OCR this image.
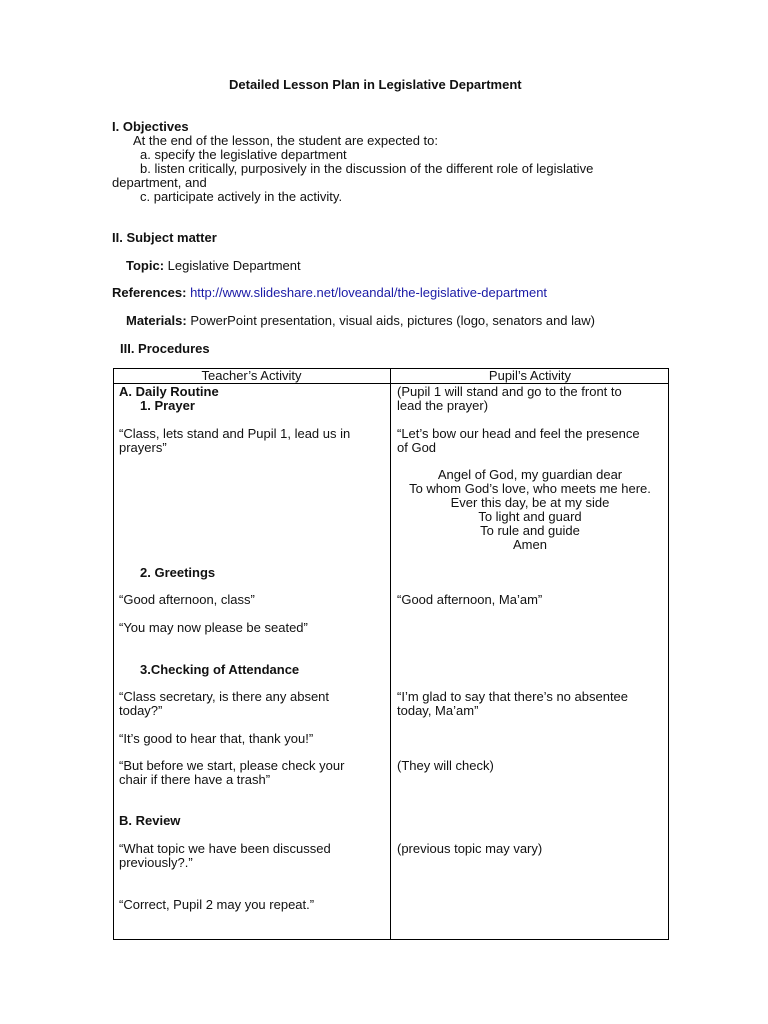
Detailed Lesson Plan in Legislative Department
I. Objectives
At the end of the lesson, the student are expected to:
a. specify the legislative department
b. listen critically, purposively in the discussion of the different role of legislative
department, and
c. participate actively in the activity.
II. Subject matter
Topic: Legislative Department
References: http://www.slideshare.net/loveandal/the-legislative-department
Materials: PowerPoint presentation, visual aids, pictures (logo, senators and law)
III. Procedures
Teacher’s Activity	Pupil’s Activity
A. Daily Routine
1. Prayer
“Class, lets stand and Pupil 1, lead us in
prayers”
2. Greetings
“Good afternoon, class”
“You may now please be seated”
3.Checking of Attendance
“Class secretary, is there any absent
today?”
“It’s good to hear that, thank you!”
“But before we start, please check your
chair if there have a trash”
B. Review
“What topic we have been discussed
previously?.”
“Correct, Pupil 2 may you repeat.”
(Pupil 1 will stand and go to the front to
lead the prayer)
“Let’s bow our head and feel the presence
of God
Angel of God, my guardian dear
To whom God’s love, who meets me here.
Ever this day, be at my side
To light and guard
To rule and guide
Amen
“Good afternoon, Ma’am”
“I’m glad to say that there’s no absentee
today, Ma’am”
(They will check)
(previous topic may vary)
